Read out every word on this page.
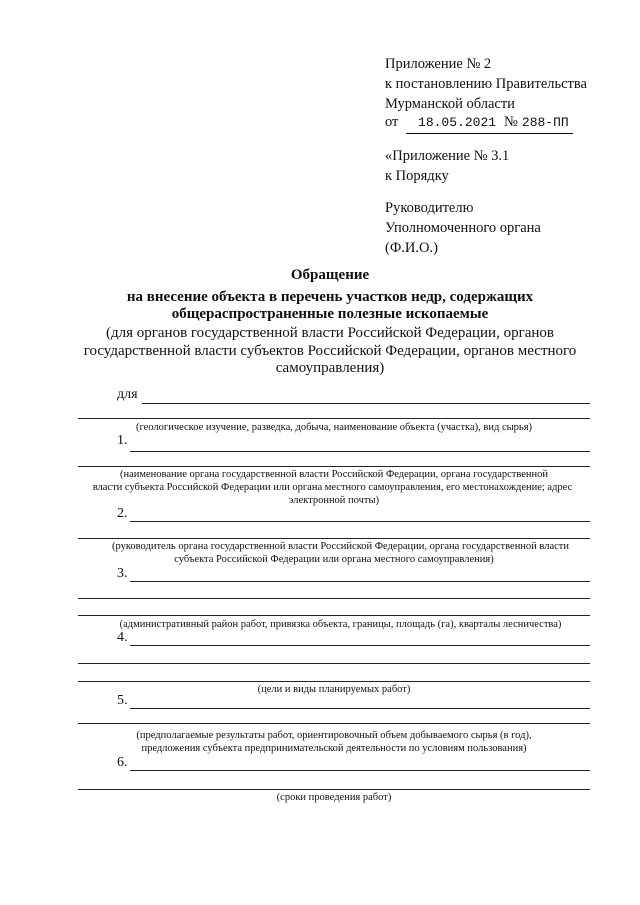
Приложение № 2
к постановлению Правительства
Мурманской области
от 18.05.2021 № 288-ПП
«Приложение № 3.1
к Порядку
Руководителю
Уполномоченного органа
(Ф.И.О.)
Обращение
на внесение объекта в перечень участков недр, содержащих
общераспространенные полезные ископаемые
(для органов государственной власти Российской Федерации, органов
государственной власти субъектов Российской Федерации, органов местного
самоуправления)
для
(геологическое изучение, разведка, добыча, наименование объекта (участка), вид сырья)
1.
(наименование органа государственной власти Российской Федерации, органа государственной
власти субъекта Российской Федерации или органа местного самоуправления, его местонахождение; адрес
электронной почты)
2.
(руководитель органа государственной власти Российской Федерации, органа государственной власти
субъекта Российской Федерации или органа местного самоуправления)
3.
(административный район работ, привязка объекта, границы, площадь (га), кварталы лесничества)
4.
(цели и виды планируемых работ)
5.
(предполагаемые результаты работ, ориентировочный объем добываемого сырья (в год),
предложения субъекта предпринимательской деятельности по условиям пользования)
6.
(сроки проведения работ)
